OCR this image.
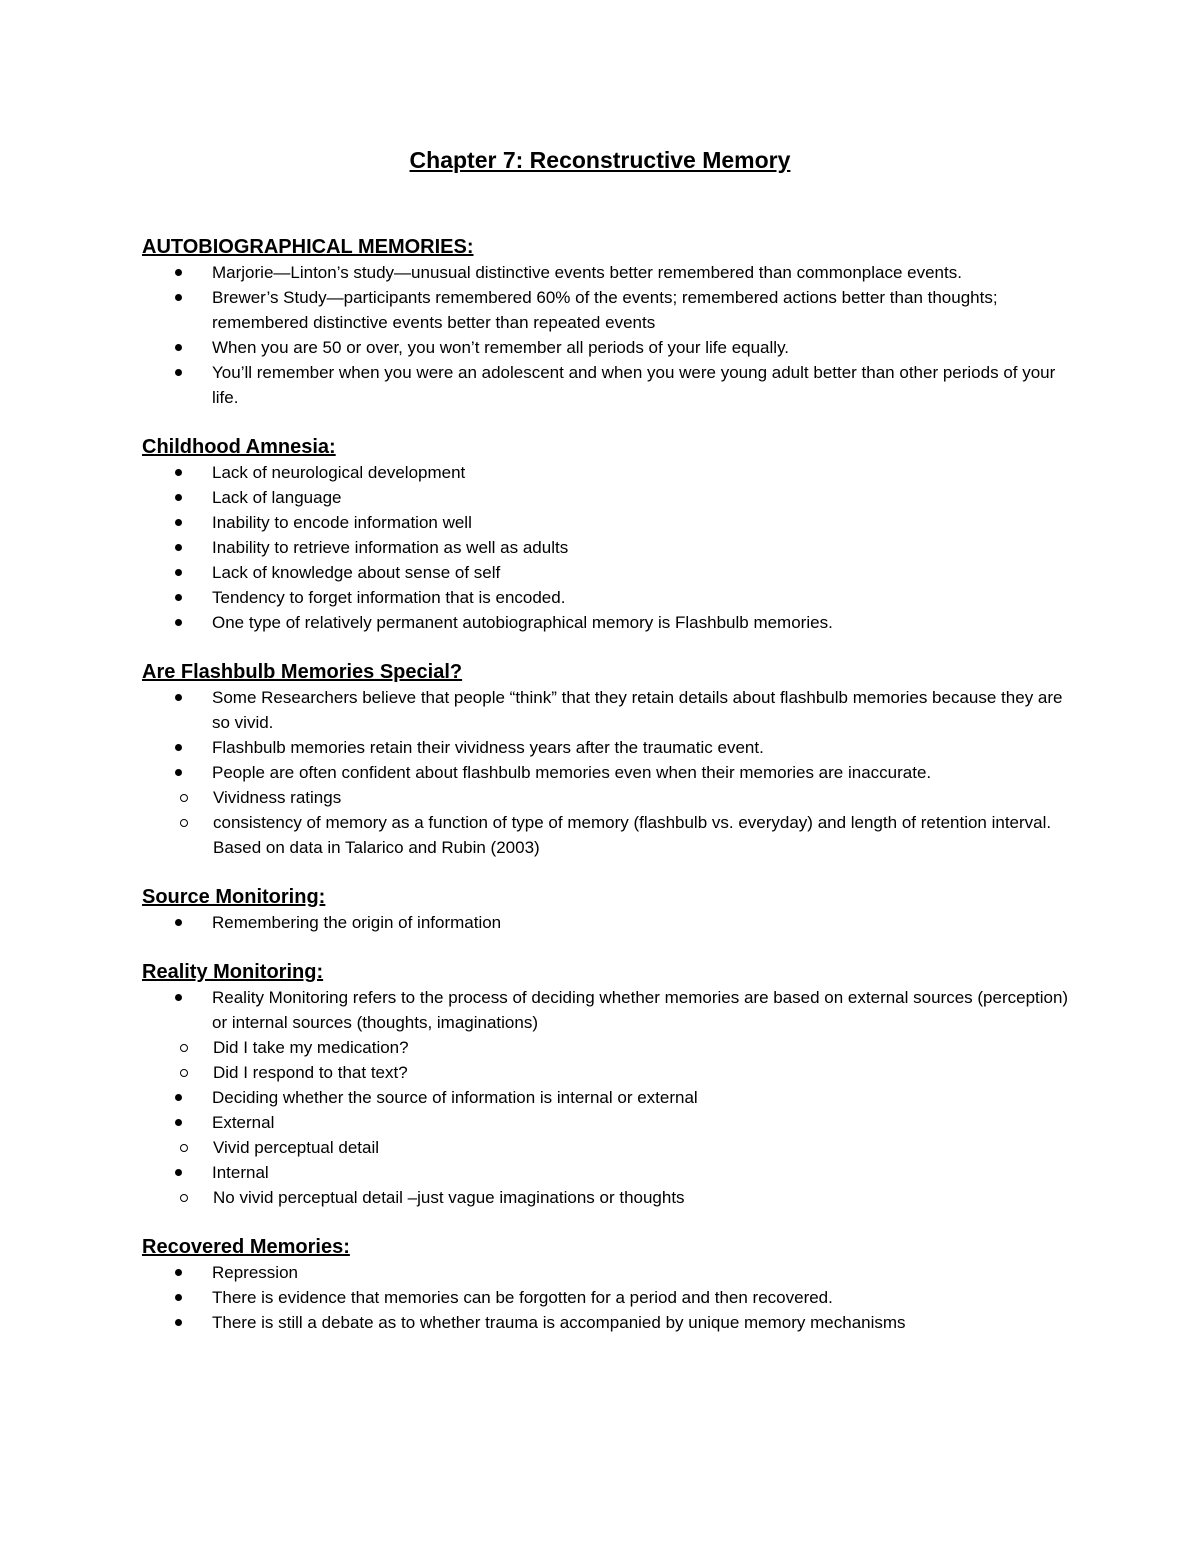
Chapter 7: Reconstructive Memory
AUTOBIOGRAPHICAL MEMORIES:
Marjorie—Linton’s study—unusual distinctive events better remembered than commonplace events.
Brewer’s Study—participants remembered 60% of the events; remembered actions better than thoughts; remembered distinctive events better than repeated events
When you are 50 or over, you won’t remember all periods of your life equally.
You’ll remember when you were an adolescent and when you were young adult better than other periods of your life.
Childhood Amnesia:
Lack of neurological development
Lack of language
Inability to encode information well
Inability to retrieve information as well as adults
Lack of knowledge about sense of self
Tendency to forget information that is encoded.
One type of relatively permanent autobiographical memory is Flashbulb memories.
Are Flashbulb Memories Special?
Some Researchers believe that people “think” that they retain details about flashbulb memories because they are so vivid.
Flashbulb memories retain their vividness years after the traumatic event.
People are often confident about flashbulb memories even when their memories are inaccurate.
Vividness ratings
consistency of memory as a function of type of memory (flashbulb vs. everyday) and length of retention interval. Based on data in Talarico and Rubin (2003)
Source Monitoring:
Remembering the origin of information
Reality Monitoring:
Reality Monitoring refers to the process of deciding whether memories are based on external sources (perception) or internal sources (thoughts, imaginations)
Did I take my medication?
Did I respond to that text?
Deciding whether the source of information is internal or external
External
Vivid perceptual detail
Internal
No vivid perceptual detail –just vague imaginations or thoughts
Recovered Memories:
Repression
There is evidence that memories can be forgotten for a period and then recovered.
There is still a debate as to whether trauma is accompanied by unique memory mechanisms
